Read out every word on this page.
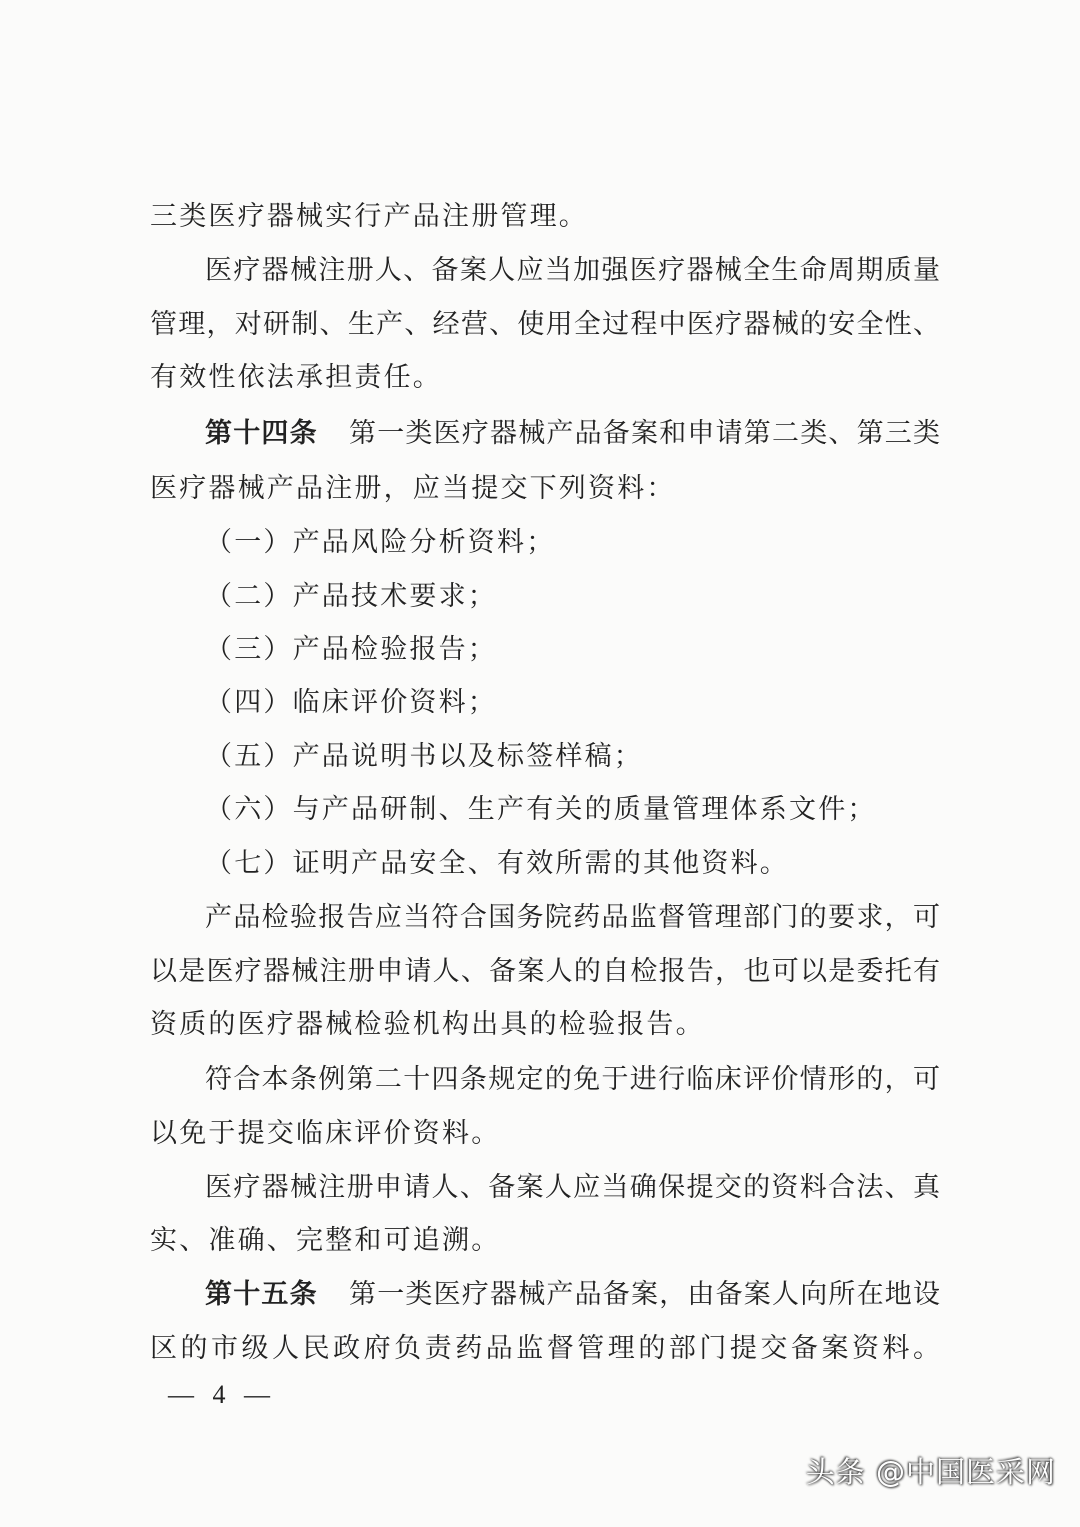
三类医疗器械实行产品注册管理。
医疗器械注册人、备案人应当加强医疗器械全生命周期质量
管理，对研制、生产、经营、使用全过程中医疗器械的安全性、
有效性依法承担责任。
第十四条 第一类医疗器械产品备案和申请第二类、第三类
医疗器械产品注册，应当提交下列资料：
（一）产品风险分析资料；
（二）产品技术要求；
（三）产品检验报告；
（四）临床评价资料；
（五）产品说明书以及标签样稿；
（六）与产品研制、生产有关的质量管理体系文件；
（七）证明产品安全、有效所需的其他资料。
产品检验报告应当符合国务院药品监督管理部门的要求，可
以是医疗器械注册申请人、备案人的自检报告，也可以是委托有
资质的医疗器械检验机构出具的检验报告。
符合本条例第二十四条规定的免于进行临床评价情形的，可
以免于提交临床评价资料。
医疗器械注册申请人、备案人应当确保提交的资料合法、真
实、准确、完整和可追溯。
第十五条 第一类医疗器械产品备案，由备案人向所在地设
区的市级人民政府负责药品监督管理的部门提交备案资料。
— 4 —
头条 @中国医采网
